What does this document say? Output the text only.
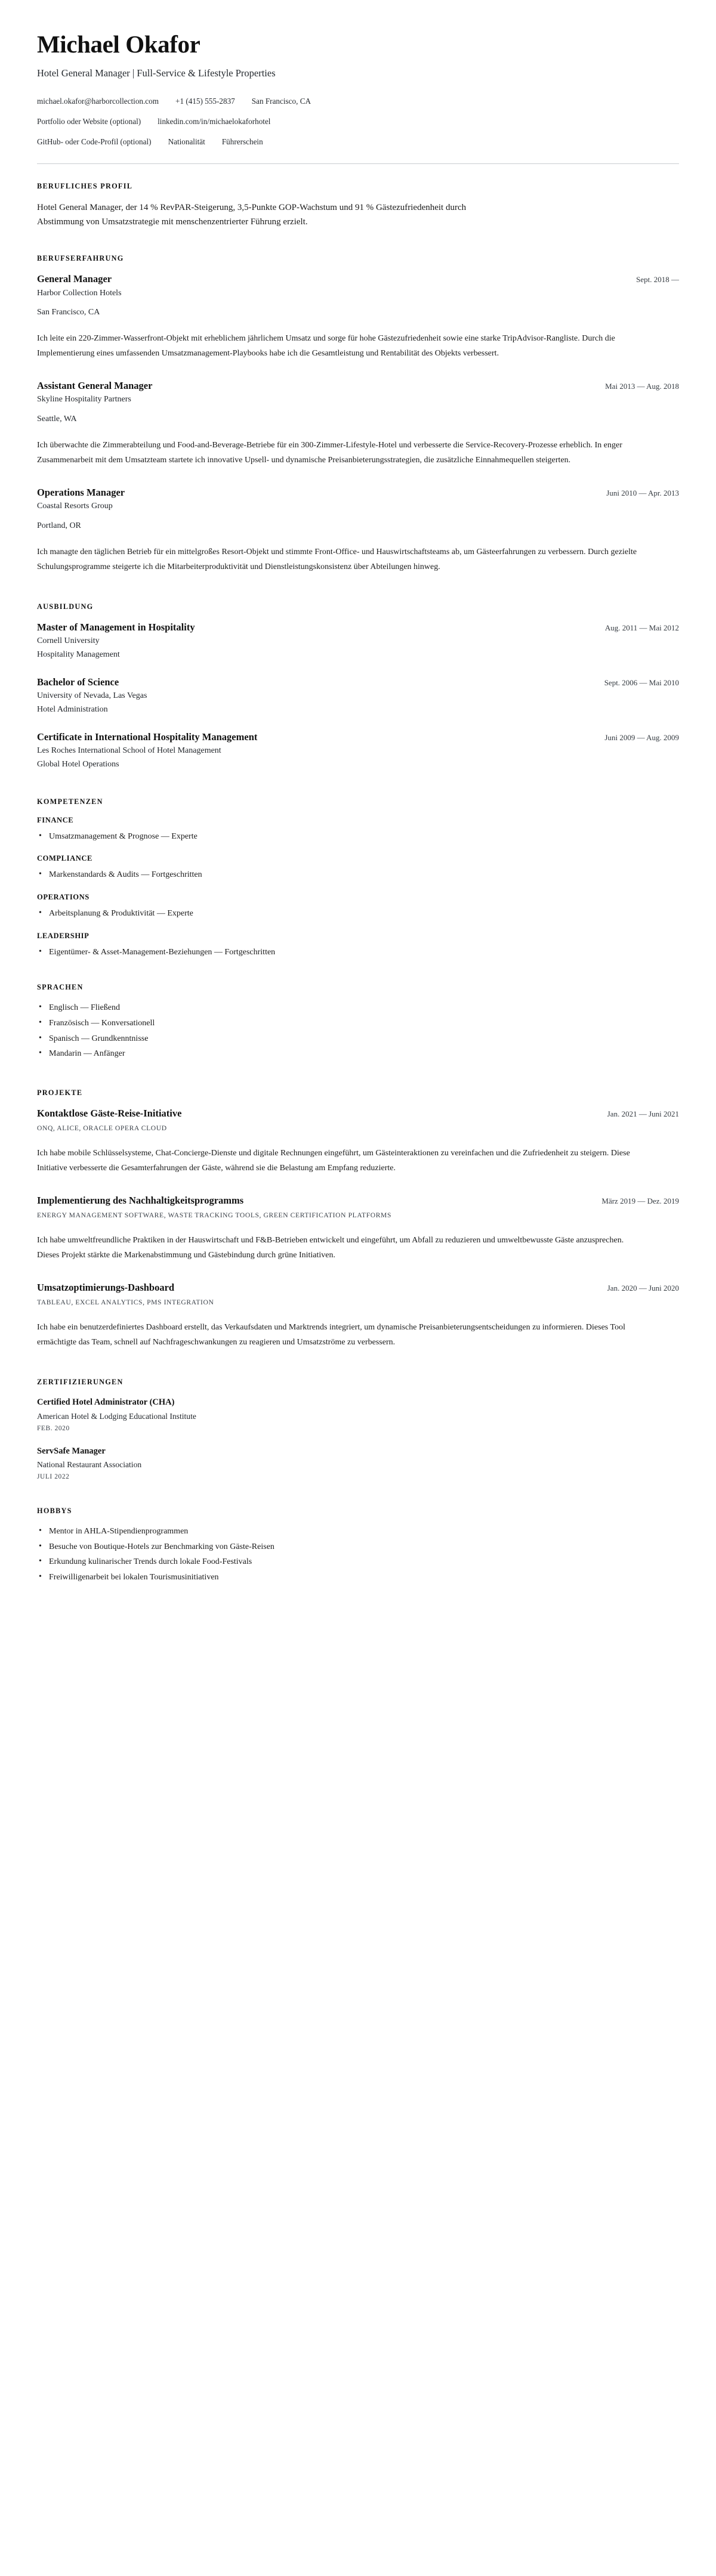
Michael Okafor
Hotel General Manager | Full-Service & Lifestyle Properties
michael.okafor@harborcollection.com +1 (415) 555-2837 San Francisco, CA
Portfolio oder Website (optional) linkedin.com/in/michaelokaforhotel
GitHub- oder Code-Profil (optional) Nationalität Führerschein
BERUFLICHES PROFIL

Hotel General Manager, der 14 % RevPAR-Steigerung, 3,5-Punkte GOP-Wachstum und 91 % Gästezufriedenheit durch Abstimmung von Umsatzstrategie mit menschenzentrierter Führung erzielt.

BERUFSERFAHRUNG
General Manager	Sept. 2018 —
Harbor Collection Hotels
San Francisco, CA

Ich leite ein 220-Zimmer-Wasserfront-Objekt mit erheblichem jährlichem Umsatz und sorge für hohe Gästezufriedenheit sowie eine starke TripAdvisor-Rangliste. Durch die Implementierung eines umfassenden Umsatzmanagement-Playbooks habe ich die Gesamtleistung und Rentabilität des Objekts verbessert.

Assistant General Manager	Mai 2013 — Aug. 2018
Skyline Hospitality Partners
Seattle, WA

Ich überwachte die Zimmerabteilung und Food-and-Beverage-Betriebe für ein 300-Zimmer-Lifestyle-Hotel und verbesserte die Service-Recovery-Prozesse erheblich. In enger Zusammenarbeit mit dem Umsatzteam startete ich innovative Upsell- und dynamische Preisanbieterungsstrategien, die zusätzliche Einnahmequellen steigerten.

Operations Manager	Juni 2010 — Apr. 2013
Coastal Resorts Group
Portland, OR

Ich managte den täglichen Betrieb für ein mittelgroßes Resort-Objekt und stimmte Front-Office- und Hauswirtschaftsteams ab, um Gästeerfahrungen zu verbessern. Durch gezielte Schulungsprogramme steigerte ich die Mitarbeiterproduktivität und Dienstleistungskonsistenz über Abteilungen hinweg.

AUSBILDUNG
Master of Management in Hospitality	Aug. 2011 — Mai 2012
Cornell University
Hospitality Management
Bachelor of Science	Sept. 2006 — Mai 2010
University of Nevada, Las Vegas
Hotel Administration
Certificate in International Hospitality Management	Juni 2009 — Aug. 2009
Les Roches International School of Hotel Management
Global Hotel Operations
KOMPETENZEN
FINANCE
• Umsatzmanagement & Prognose — Experte
COMPLIANCE
• Markenstandards & Audits — Fortgeschritten
OPERATIONS
• Arbeitsplanung & Produktivität — Experte
LEADERSHIP
• Eigentümer- & Asset-Management-Beziehungen — Fortgeschritten
SPRACHEN
• Englisch — Fließend
• Französisch — Konversationell
• Spanisch — Grundkenntnisse
• Mandarin — Anfänger
PROJEKTE
Kontaktlose Gäste-Reise-Initiative	Jan. 2021 — Juni 2021
ONQ, ALICE, ORACLE OPERA CLOUD

Ich habe mobile Schlüsselsysteme, Chat-Concierge-Dienste und digitale Rechnungen eingeführt, um Gästeinteraktionen zu vereinfachen und die Zufriedenheit zu steigern. Diese Initiative verbesserte die Gesamterfahrungen der Gäste, während sie die Belastung am Empfang reduzierte.

Implementierung des Nachhaltigkeitsprogramms	März 2019 — Dez. 2019
ENERGY MANAGEMENT SOFTWARE, WASTE TRACKING TOOLS, GREEN CERTIFICATION PLATFORMS

Ich habe umweltfreundliche Praktiken in der Hauswirtschaft und F&B-Betrieben entwickelt und eingeführt, um Abfall zu reduzieren und umweltbewusste Gäste anzusprechen. Dieses Projekt stärkte die Markenabstimmung und Gästebindung durch grüne Initiativen.

Umsatzoptimierungs-Dashboard	Jan. 2020 — Juni 2020
TABLEAU, EXCEL ANALYTICS, PMS INTEGRATION

Ich habe ein benutzerdefiniertes Dashboard erstellt, das Verkaufsdaten und Marktrends integriert, um dynamische Preisanbieterungsentscheidungen zu informieren. Dieses Tool ermächtigte das Team, schnell auf Nachfrageschwankungen zu reagieren und Umsatzströme zu verbessern.

ZERTIFIZIERUNGEN
Certified Hotel Administrator (CHA)
American Hotel & Lodging Educational Institute
FEB. 2020
ServSafe Manager
National Restaurant Association
JULI 2022
HOBBYS
• Mentor in AHLA-Stipendienprogrammen
• Besuche von Boutique-Hotels zur Benchmarking von Gäste-Reisen
• Erkundung kulinarischer Trends durch lokale Food-Festivals
• Freiwilligenarbeit bei lokalen Tourismusinitiativen
